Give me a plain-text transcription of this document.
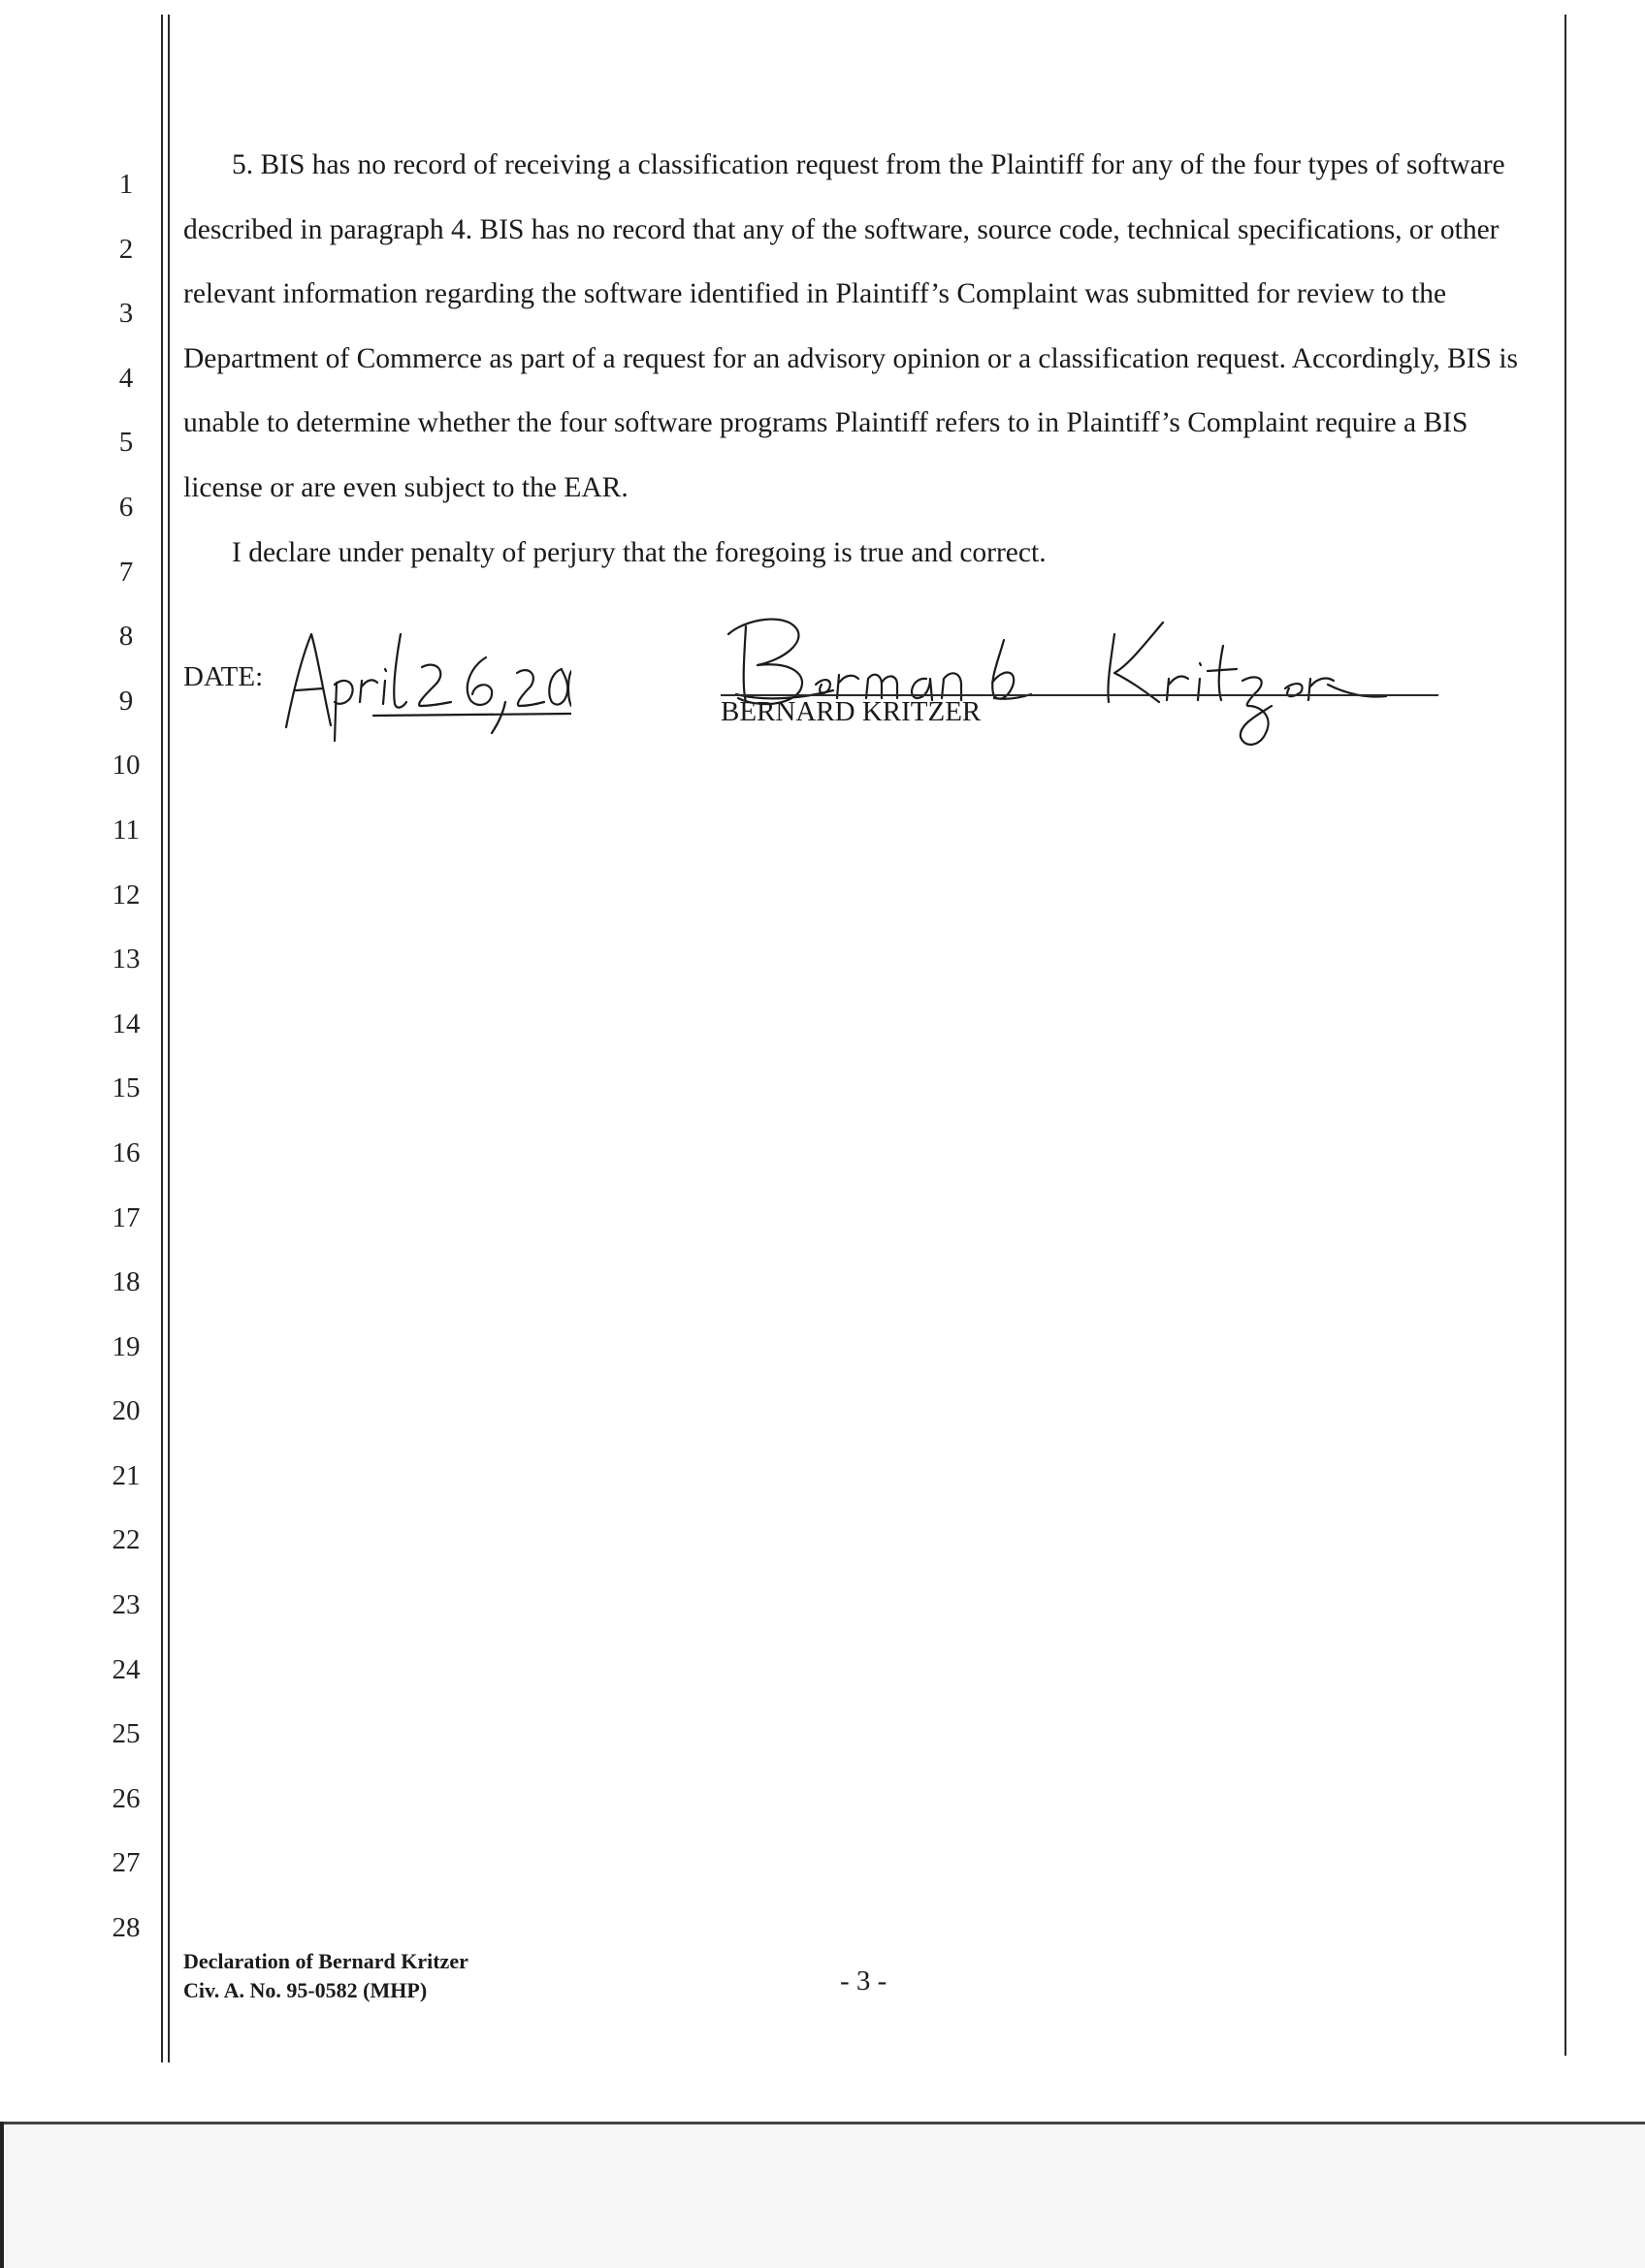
1
2
3
4
5
6
7
8
9
10
11
12
13
14
15
16
17
18
19
20
21
22
23
24
25
26
27
28

5. BIS has no record of receiving a classification request from the Plaintiff for any of the four types of software described in paragraph 4. BIS has no record that any of the software, source code, technical specifications, or other relevant information regarding the software identified in Plaintiff’s Complaint was submitted for review to the Department of Commerce as part of a request for an advisory opinion or a classification request. Accordingly, BIS is unable to determine whether the four software programs Plaintiff refers to in Plaintiff’s Complaint require a BIS license or are even subject to the EAR.

I declare under penalty of perjury that the foregoing is true and correct.

DATE:
BERNARD KRITZER
Declaration of Bernard Kritzer
Civ. A. No. 95-0582 (MHP)	- 3 -
